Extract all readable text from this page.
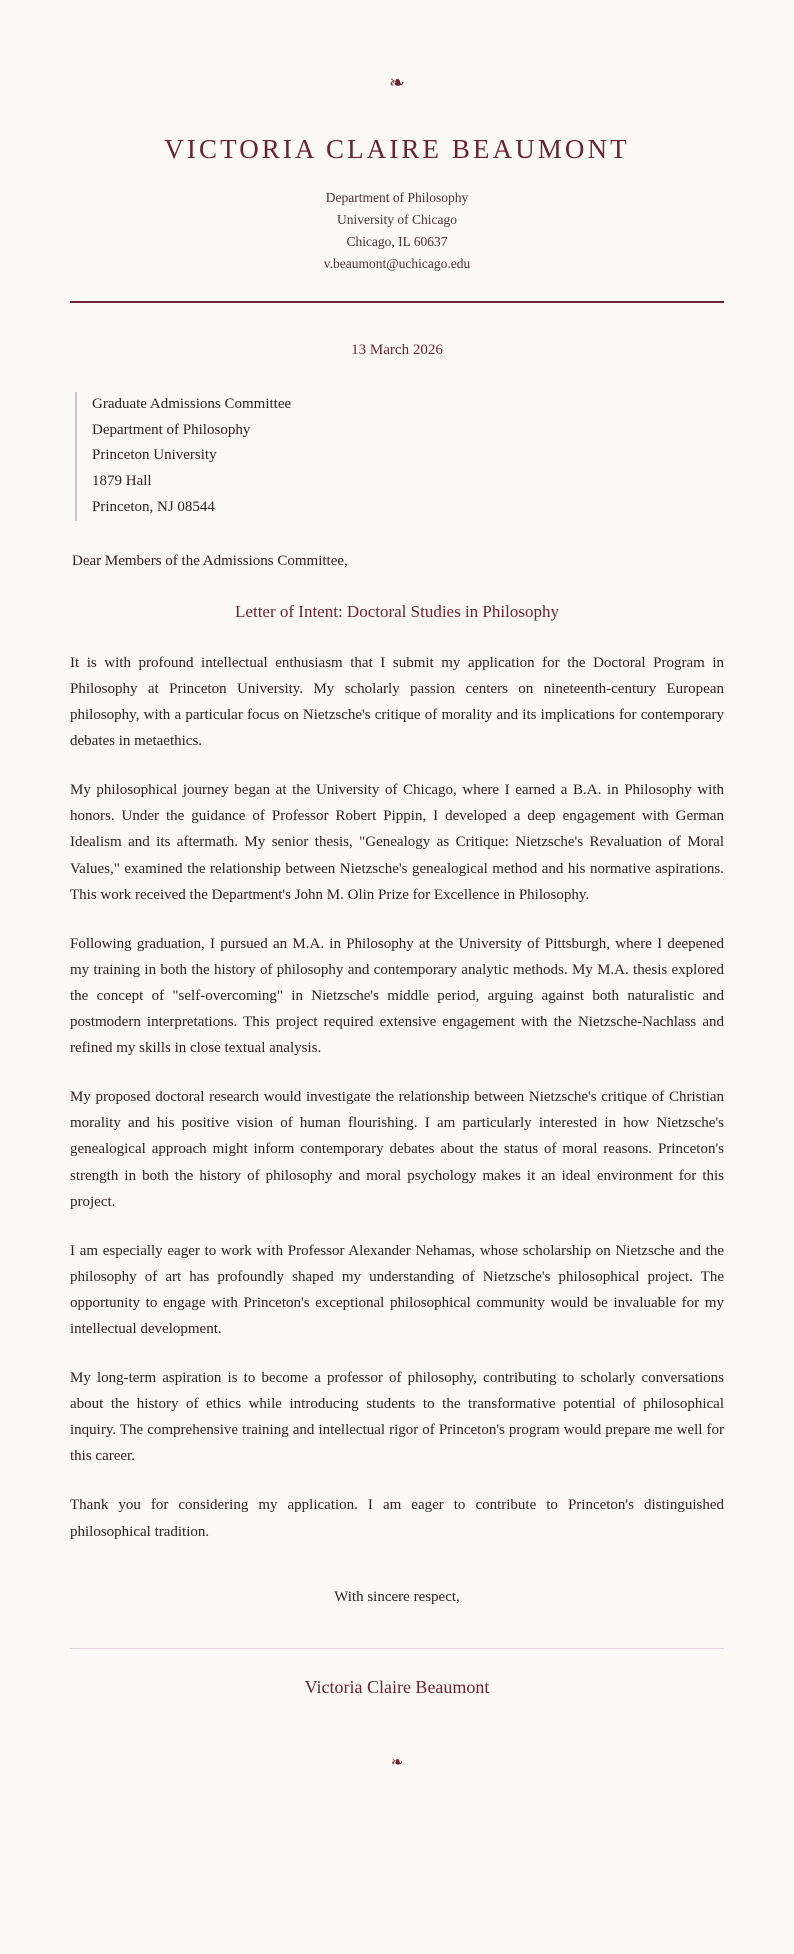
❧
VICTORIA CLAIRE BEAUMONT
Department of Philosophy
University of Chicago
Chicago, IL 60637
v.beaumont@uchicago.edu
13 March 2026
Graduate Admissions Committee
Department of Philosophy
Princeton University
1879 Hall
Princeton, NJ 08544
Dear Members of the Admissions Committee,
Letter of Intent: Doctoral Studies in Philosophy

It is with profound intellectual enthusiasm that I submit my application for the Doctoral Program in Philosophy at Princeton University. My scholarly passion centers on nineteenth-century European philosophy, with a particular focus on Nietzsche's critique of morality and its implications for contemporary debates in metaethics.

My philosophical journey began at the University of Chicago, where I earned a B.A. in Philosophy with honors. Under the guidance of Professor Robert Pippin, I developed a deep engagement with German Idealism and its aftermath. My senior thesis, "Genealogy as Critique: Nietzsche's Revaluation of Moral Values," examined the relationship between Nietzsche's genealogical method and his normative aspirations. This work received the Department's John M. Olin Prize for Excellence in Philosophy.

Following graduation, I pursued an M.A. in Philosophy at the University of Pittsburgh, where I deepened my training in both the history of philosophy and contemporary analytic methods. My M.A. thesis explored the concept of "self-overcoming" in Nietzsche's middle period, arguing against both naturalistic and postmodern interpretations. This project required extensive engagement with the Nietzsche-Nachlass and refined my skills in close textual analysis.

My proposed doctoral research would investigate the relationship between Nietzsche's critique of Christian morality and his positive vision of human flourishing. I am particularly interested in how Nietzsche's genealogical approach might inform contemporary debates about the status of moral reasons. Princeton's strength in both the history of philosophy and moral psychology makes it an ideal environment for this project.

I am especially eager to work with Professor Alexander Nehamas, whose scholarship on Nietzsche and the philosophy of art has profoundly shaped my understanding of Nietzsche's philosophical project. The opportunity to engage with Princeton's exceptional philosophical community would be invaluable for my intellectual development.

My long-term aspiration is to become a professor of philosophy, contributing to scholarly conversations about the history of ethics while introducing students to the transformative potential of philosophical inquiry. The comprehensive training and intellectual rigor of Princeton's program would prepare me well for this career.

Thank you for considering my application. I am eager to contribute to Princeton's distinguished philosophical tradition.

With sincere respect,
Victoria Claire Beaumont
❧
